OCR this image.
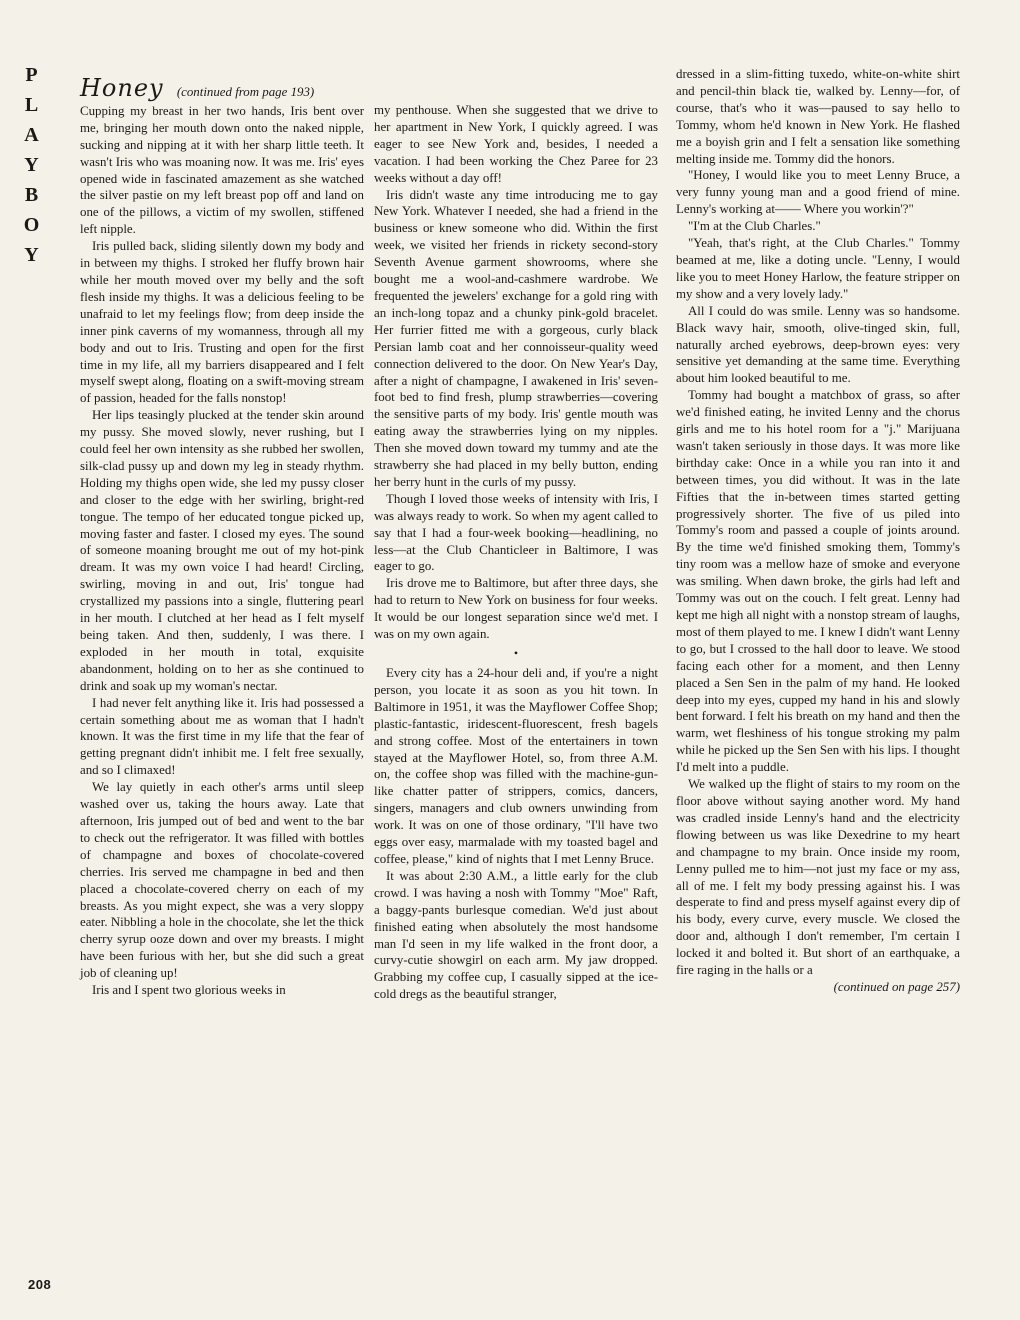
P
L
A
Y
B
O
Y
Honey (continued from page 193)

Cupping my breast in her two hands, Iris bent over me, bringing her mouth down onto the naked nipple, sucking and nipping at it with her sharp little teeth. It wasn't Iris who was moaning now. It was me. Iris' eyes opened wide in fascinated amazement as she watched the silver pastie on my left breast pop off and land on one of the pillows, a victim of my swollen, stiffened left nipple.

Iris pulled back, sliding silently down my body and in between my thighs. I stroked her fluffy brown hair while her mouth moved over my belly and the soft flesh inside my thighs. It was a delicious feeling to be unafraid to let my feelings flow; from deep inside the inner pink caverns of my womanness, through all my body and out to Iris. Trusting and open for the first time in my life, all my barriers disappeared and I felt myself swept along, floating on a swift-moving stream of passion, headed for the falls nonstop!

Her lips teasingly plucked at the tender skin around my pussy. She moved slowly, never rushing, but I could feel her own intensity as she rubbed her swollen, silk-clad pussy up and down my leg in steady rhythm. Holding my thighs open wide, she led my pussy closer and closer to the edge with her swirling, bright-red tongue. The tempo of her educated tongue picked up, moving faster and faster. I closed my eyes. The sound of someone moaning brought me out of my hot-pink dream. It was my own voice I had heard! Circling, swirling, moving in and out, Iris' tongue had crystallized my passions into a single, fluttering pearl in her mouth. I clutched at her head as I felt myself being taken. And then, suddenly, I was there. I exploded in her mouth in total, exquisite abandonment, holding on to her as she continued to drink and soak up my woman's nectar.

I had never felt anything like it. Iris had possessed a certain something about me as woman that I hadn't known. It was the first time in my life that the fear of getting pregnant didn't inhibit me. I felt free sexually, and so I climaxed!

We lay quietly in each other's arms until sleep washed over us, taking the hours away. Late that afternoon, Iris jumped out of bed and went to the bar to check out the refrigerator. It was filled with bottles of champagne and boxes of chocolate-covered cherries. Iris served me champagne in bed and then placed a chocolate-covered cherry on each of my breasts. As you might expect, she was a very sloppy eater. Nibbling a hole in the chocolate, she let the thick cherry syrup ooze down and over my breasts. I might have been furious with her, but she did such a great job of cleaning up!

Iris and I spent two glorious weeks in

my penthouse. When she suggested that we drive to her apartment in New York, I quickly agreed. I was eager to see New York and, besides, I needed a vacation. I had been working the Chez Paree for 23 weeks without a day off!

Iris didn't waste any time introducing me to gay New York. Whatever I needed, she had a friend in the business or knew someone who did. Within the first week, we visited her friends in rickety second-story Seventh Avenue garment showrooms, where she bought me a wool-and-cashmere wardrobe. We frequented the jewelers' exchange for a gold ring with an inch-long topaz and a chunky pink-gold bracelet. Her furrier fitted me with a gorgeous, curly black Persian lamb coat and her connoisseur-quality weed connection delivered to the door. On New Year's Day, after a night of champagne, I awakened in Iris' seven-foot bed to find fresh, plump strawberries—covering the sensitive parts of my body. Iris' gentle mouth was eating away the strawberries lying on my nipples. Then she moved down toward my tummy and ate the strawberry she had placed in my belly button, ending her berry hunt in the curls of my pussy.

Though I loved those weeks of intensity with Iris, I was always ready to work. So when my agent called to say that I had a four-week booking—headlining, no less—at the Club Chanticleer in Baltimore, I was eager to go.

Iris drove me to Baltimore, but after three days, she had to return to New York on business for four weeks. It would be our longest separation since we'd met. I was on my own again.

•

Every city has a 24-hour deli and, if you're a night person, you locate it as soon as you hit town. In Baltimore in 1951, it was the Mayflower Coffee Shop; plastic-fantastic, iridescent-fluorescent, fresh bagels and strong coffee. Most of the entertainers in town stayed at the Mayflower Hotel, so, from three A.M. on, the coffee shop was filled with the machine-gun-like chatter patter of strippers, comics, dancers, singers, managers and club owners unwinding from work. It was on one of those ordinary, "I'll have two eggs over easy, marmalade with my toasted bagel and coffee, please," kind of nights that I met Lenny Bruce.

It was about 2:30 A.M., a little early for the club crowd. I was having a nosh with Tommy "Moe" Raft, a baggy-pants burlesque comedian. We'd just about finished eating when absolutely the most handsome man I'd seen in my life walked in the front door, a curvy-cutie showgirl on each arm. My jaw dropped. Grabbing my coffee cup, I casually sipped at the ice-cold dregs as the beautiful stranger,

dressed in a slim-fitting tuxedo, white-on-white shirt and pencil-thin black tie, walked by. Lenny—for, of course, that's who it was—paused to say hello to Tommy, whom he'd known in New York. He flashed me a boyish grin and I felt a sensation like something melting inside me. Tommy did the honors.

"Honey, I would like you to meet Lenny Bruce, a very funny young man and a good friend of mine. Lenny's working at—— Where you workin'?"

"I'm at the Club Charles."

"Yeah, that's right, at the Club Charles." Tommy beamed at me, like a doting uncle. "Lenny, I would like you to meet Honey Harlow, the feature stripper on my show and a very lovely lady."

All I could do was smile. Lenny was so handsome. Black wavy hair, smooth, olive-tinged skin, full, naturally arched eyebrows, deep-brown eyes: very sensitive yet demanding at the same time. Everything about him looked beautiful to me.

Tommy had bought a matchbox of grass, so after we'd finished eating, he invited Lenny and the chorus girls and me to his hotel room for a "j." Marijuana wasn't taken seriously in those days. It was more like birthday cake: Once in a while you ran into it and between times, you did without. It was in the late Fifties that the in-between times started getting progressively shorter. The five of us piled into Tommy's room and passed a couple of joints around. By the time we'd finished smoking them, Tommy's tiny room was a mellow haze of smoke and everyone was smiling. When dawn broke, the girls had left and Tommy was out on the couch. I felt great. Lenny had kept me high all night with a nonstop stream of laughs, most of them played to me. I knew I didn't want Lenny to go, but I crossed to the hall door to leave. We stood facing each other for a moment, and then Lenny placed a Sen Sen in the palm of my hand. He looked deep into my eyes, cupped my hand in his and slowly bent forward. I felt his breath on my hand and then the warm, wet fleshiness of his tongue stroking my palm while he picked up the Sen Sen with his lips. I thought I'd melt into a puddle.

We walked up the flight of stairs to my room on the floor above without saying another word. My hand was cradled inside Lenny's hand and the electricity flowing between us was like Dexedrine to my heart and champagne to my brain. Once inside my room, Lenny pulled me to him—not just my face or my ass, all of me. I felt my body pressing against his. I was desperate to find and press myself against every dip of his body, every curve, every muscle. We closed the door and, although I don't remember, I'm certain I locked it and bolted it. But short of an earthquake, a fire raging in the halls or a

(continued on page 257)

208
